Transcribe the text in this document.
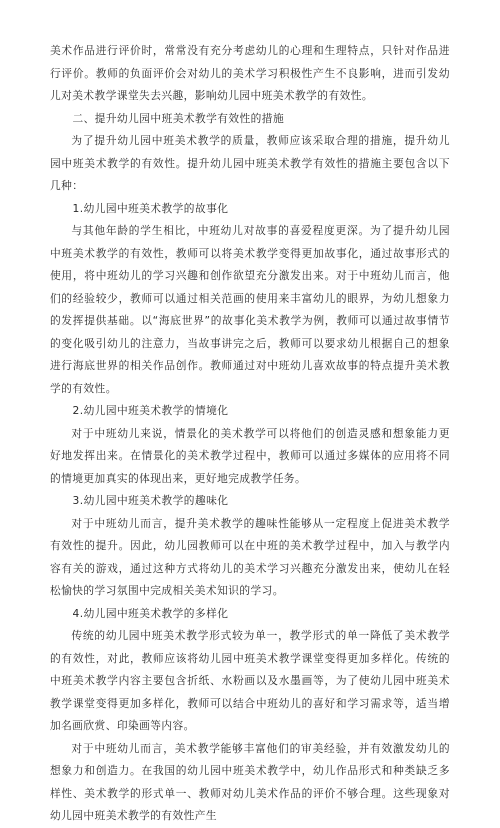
美术作品进行评价时，常常没有充分考虑幼儿的心理和生理特点，只针对作品进行评价。教师的负面评价会对幼儿的美术学习积极性产生不良影响，进而引发幼儿对美术教学课堂失去兴趣，影响幼儿园中班美术教学的有效性。

二、提升幼儿园中班美术教学有效性的措施

为了提升幼儿园中班美术教学的质量，教师应该采取合理的措施，提升幼儿园中班美术教学的有效性。提升幼儿园中班美术教学有效性的措施主要包含以下几种：

1.幼儿园中班美术教学的故事化

与其他年龄的学生相比，中班幼儿对故事的喜爱程度更深。为了提升幼儿园中班美术教学的有效性，教师可以将美术教学变得更加故事化，通过故事形式的使用，将中班幼儿的学习兴趣和创作欲望充分激发出来。对于中班幼儿而言，他们的经验较少，教师可以通过相关范画的使用来丰富幼儿的眼界，为幼儿想象力的发挥提供基础。以“海底世界”的故事化美术教学为例，教师可以通过故事情节的变化吸引幼儿的注意力，当故事讲完之后，教师可以要求幼儿根据自己的想象进行海底世界的相关作品创作。教师通过对中班幼儿喜欢故事的特点提升美术教学的有效性。

2.幼儿园中班美术教学的情境化

对于中班幼儿来说，情景化的美术教学可以将他们的创造灵感和想象能力更好地发挥出来。在情景化的美术教学过程中，教师可以通过多媒体的应用将不同的情境更加真实的体现出来，更好地完成教学任务。

3.幼儿园中班美术教学的趣味化

对于中班幼儿而言，提升美术教学的趣味性能够从一定程度上促进美术教学有效性的提升。因此，幼儿园教师可以在中班的美术教学过程中，加入与教学内容有关的游戏，通过这种方式将幼儿的美术学习兴趣充分激发出来，使幼儿在轻松愉快的学习氛围中完成相关美术知识的学习。

4.幼儿园中班美术教学的多样化

传统的幼儿园中班美术教学形式较为单一，教学形式的单一降低了美术教学的有效性，对此，教师应该将幼儿园中班美术教学课堂变得更加多样化。传统的中班美术教学内容主要包含折纸、水粉画以及水墨画等，为了使幼儿园中班美术教学课堂变得更加多样化，教师可以结合中班幼儿的喜好和学习需求等，适当增加名画欣赏、印染画等内容。

对于中班幼儿而言，美术教学能够丰富他们的审美经验，并有效激发幼儿的想象力和创造力。在我国的幼儿园中班美术教学中，幼儿作品形式和种类缺乏多样性、美术教学的形式单一、教师对幼儿美术作品的评价不够合理。这些现象对幼儿园中班美术教学的有效性产生
